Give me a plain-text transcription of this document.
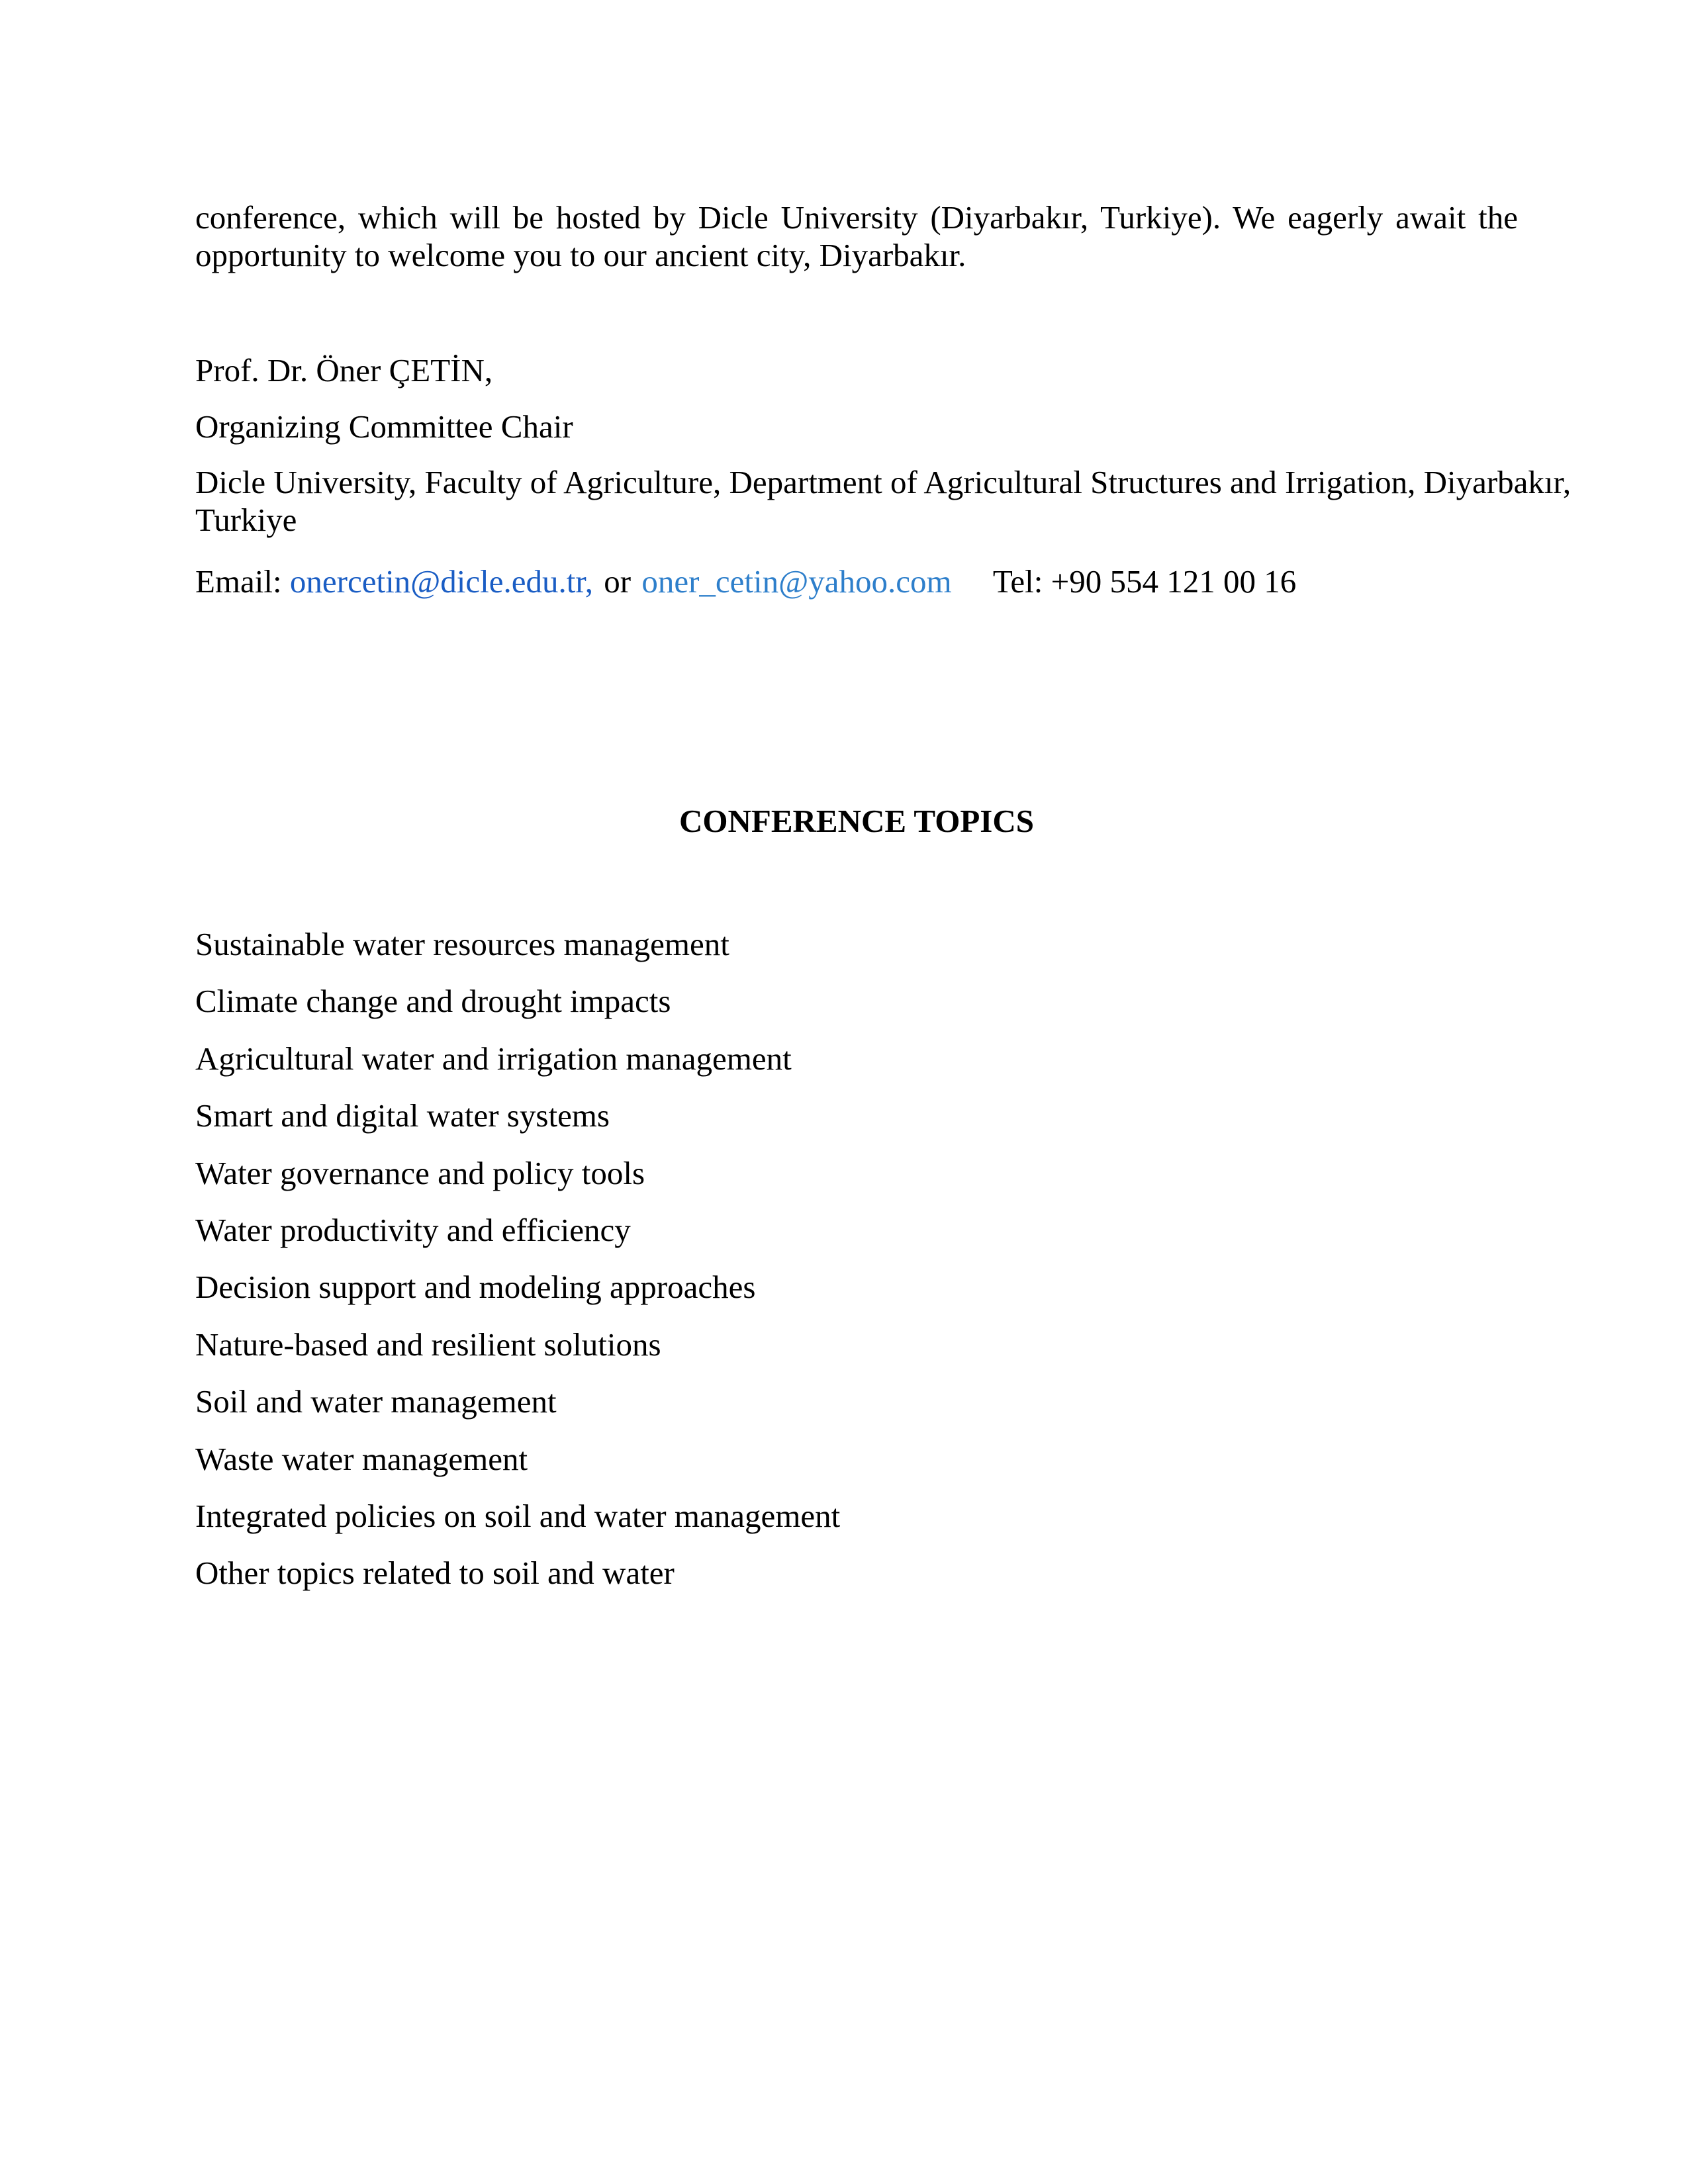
conference, which will be hosted by Dicle University (Diyarbakır, Turkiye). We eagerly await the
opportunity to welcome you to our ancient city, Diyarbakır.
Prof. Dr. Öner ÇETİN,
Organizing Committee Chair
Dicle University, Faculty of Agriculture, Department of Agricultural Structures and Irrigation, Diyarbakır,
Turkiye
Email: onercetin@dicle.edu.tr, or oner_cetin@yahoo.com Tel: +90 554 121 00 16
CONFERENCE TOPICS
Sustainable water resources management
Climate change and drought impacts
Agricultural water and irrigation management
Smart and digital water systems
Water governance and policy tools
Water productivity and efficiency
Decision support and modeling approaches
Nature-based and resilient solutions
Soil and water management
Waste water management
Integrated policies on soil and water management
Other topics related to soil and water
